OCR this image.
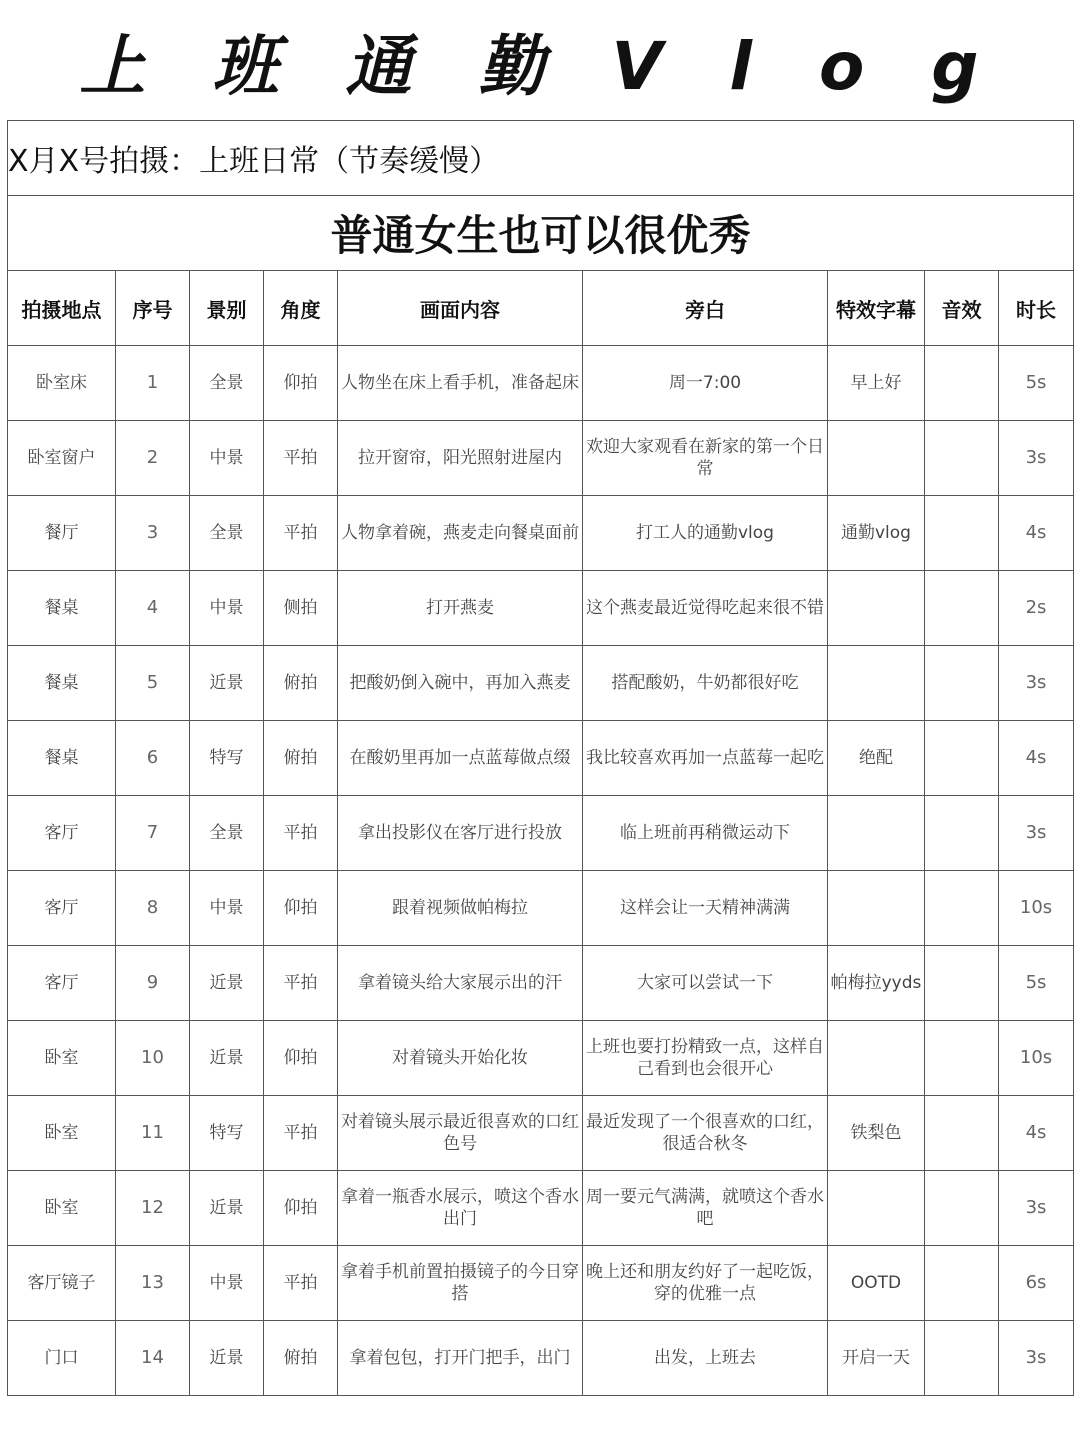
上 班 通 勤 V l o g
X月X号拍摄：上班日常（节奏缓慢）								
普通女生也可以很优秀								
拍摄地点	序号	景别	角度	画面内容	旁白	特效字幕	音效	时长
卧室床	1	全景	仰拍	人物坐在床上看手机，准备起床	周一7:00	早上好		5s
卧室窗户	2	中景	平拍	拉开窗帘，阳光照射进屋内	欢迎大家观看在新家的第一个日常			3s
餐厅	3	全景	平拍	人物拿着碗，燕麦走向餐桌面前	打工人的通勤vlog	通勤vlog		4s
餐桌	4	中景	侧拍	打开燕麦	这个燕麦最近觉得吃起来很不错			2s
餐桌	5	近景	俯拍	把酸奶倒入碗中，再加入燕麦	搭配酸奶，牛奶都很好吃			3s
餐桌	6	特写	俯拍	在酸奶里再加一点蓝莓做点缀	我比较喜欢再加一点蓝莓一起吃	绝配		4s
客厅	7	全景	平拍	拿出投影仪在客厅进行投放	临上班前再稍微运动下			3s
客厅	8	中景	仰拍	跟着视频做帕梅拉	这样会让一天精神满满			10s
客厅	9	近景	平拍	拿着镜头给大家展示出的汗	大家可以尝试一下	帕梅拉yyds		5s
卧室	10	近景	仰拍	对着镜头开始化妆	上班也要打扮精致一点，这样自己看到也会很开心			10s
卧室	11	特写	平拍	对着镜头展示最近很喜欢的口红色号	最近发现了一个很喜欢的口红，很适合秋冬	铁梨色		4s
卧室	12	近景	仰拍	拿着一瓶香水展示，喷这个香水出门	周一要元气满满，就喷这个香水吧			3s
客厅镜子	13	中景	平拍	拿着手机前置拍摄镜子的今日穿搭	晚上还和朋友约好了一起吃饭，穿的优雅一点	OOTD		6s
门口	14	近景	俯拍	拿着包包，打开门把手，出门	出发，上班去	开启一天		3s
